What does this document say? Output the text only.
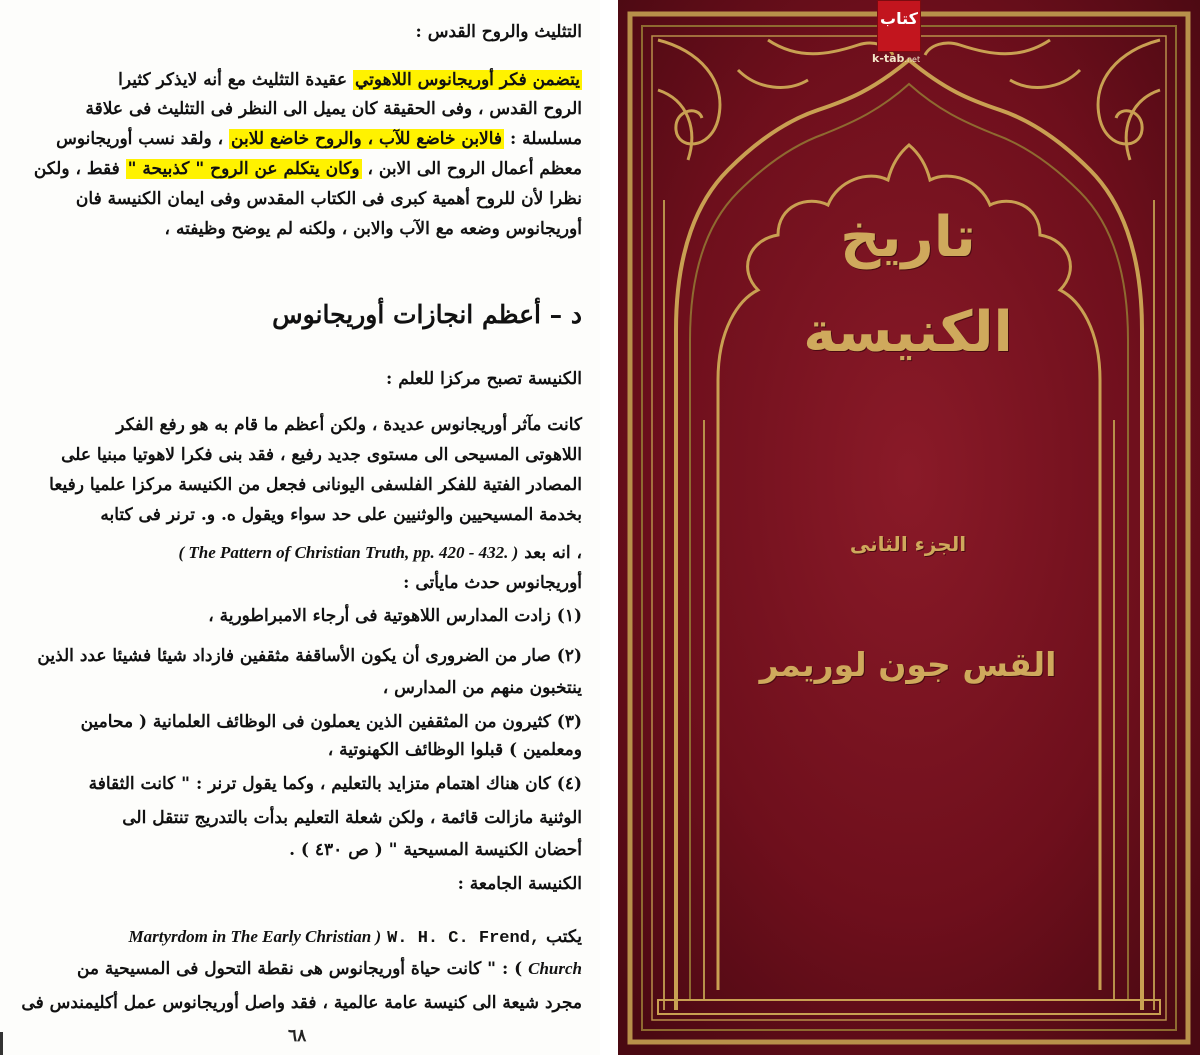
التثليث والروح القدس :
يتضمن فكر أوريجانوس اللاهوتي عقيدة التثليث مع أنه لايذكر كثيرا
الروح القدس ، وفى الحقيقة كان يميل الى النظر فى التثليث فى علاقة
مسلسلة : فالابن خاضع للآب ، والروح خاضع للابن ، ولقد نسب أوريجانوس
معظم أعمال الروح الى الابن ، وكان يتكلم عن الروح " كذبيحة " فقط ، ولكن
نظرا لأن للروح أهمية كبرى فى الكتاب المقدس وفى ايمان الكنيسة فان
أوريجانوس وضعه مع الآب والابن ، ولكنه لم يوضح وظيفته ،
د – أعظم انجازات أوريجانوس
الكنيسة تصبح مركزا للعلم :
كانت مآثر أوريجانوس عديدة ، ولكن أعظم ما قام به هو رفع الفكر
اللاهوتى المسيحى الى مستوى جديد رفيع ، فقد بنى فكرا لاهوتيا مبنيا على
المصادر الفتية للفكر الفلسفى اليونانى فجعل من الكنيسة مركزا علميا رفيعا
بخدمة المسيحيين والوثنيين على حد سواء ويقول ه. و. ترنر فى كتابه
، انه بعد ( The Pattern of Christian Truth, pp. 420 - 432. )
أوريجانوس حدث مايأتى :
(١) زادت المدارس اللاهوتية فى أرجاء الامبراطورية ،
(٢) صار من الضرورى أن يكون الأساقفة مثقفين فازداد شيئا فشيئا عدد الذين
ينتخبون منهم من المدارس ،
(٣) كثيرون من المثقفين الذين يعملون فى الوظائف العلمانية ( محامين
ومعلمين ) قبلوا الوظائف الكهنوتية ،
(٤) كان هناك اهتمام متزايد بالتعليم ، وكما يقول ترنر : " كانت الثقافة
الوثنية مازالت قائمة ، ولكن شعلة التعليم بدأت بالتدريج تنتقل الى
أحضان الكنيسة المسيحية " ( ص ٤٣٠ ) .
الكنيسة الجامعة :
يكتب W. H. C. Frend, Martyrdom in The Early Christian )
Church ) : " كانت حياة أوريجانوس هى نقطة التحول فى المسيحية من
مجرد شيعة الى كنيسة عامة عالمية ، فقد واصل أوريجانوس عمل أكليمندس فى
٦٨
كتاب
k-tab.net
تاريخ
الكنيسة
الجزء الثانى
القس جون لوريمر
